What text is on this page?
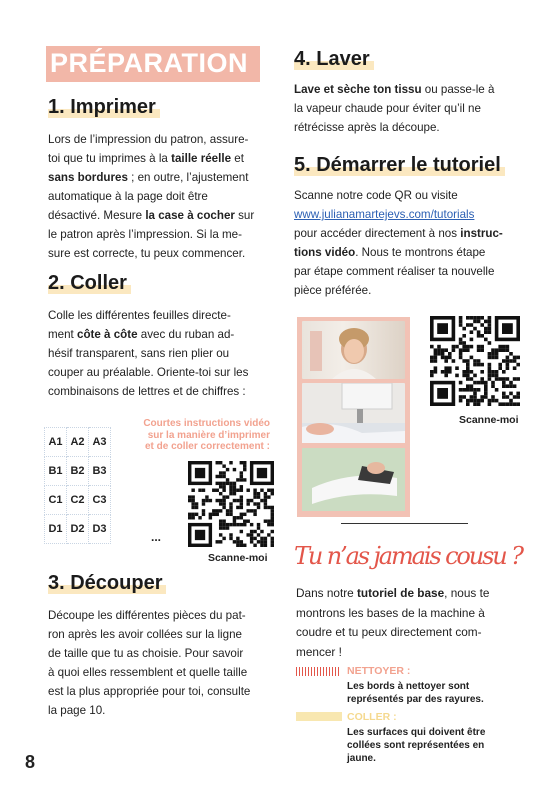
PRÉPARATION
1. Imprimer
Lors de l’impression du patron, assure-
toi que tu imprimes à la taille réelle et
sans bordures ; en outre, l’ajustement
automatique à la page doit être
désactivé. Mesure la case à cocher sur
le patron après l’impression. Si la me-
sure est correcte, tu peux commencer.
2. Coller
Colle les différentes feuilles directe-
ment côte à côte avec du ruban ad-
hésif transparent, sans rien plier ou
couper au préalable. Oriente-toi sur les
combinaisons de lettres et de chiffres :
A1	A2	A3
B1	B2	B3
C1	C2	C3
D1	D2	D3
...
Courtes instructions vidéo
sur la manière d’imprimer
et de coller correctement :
Scanne-moi
3. Découper
Découpe les différentes pièces du pat-
ron après les avoir collées sur la ligne
de taille que tu as choisie. Pour savoir
à quoi elles ressemblent et quelle taille
est la plus appropriée pour toi, consulte
la page 10.
8
4. Laver
Lave et sèche ton tissu ou passe-le à
la vapeur chaude pour éviter qu’il ne
rétrécisse après la découpe.
5. Démarrer le tutoriel
Scanne notre code QR ou visite
www.julianamartejevs.com/tutorials
pour accéder directement à nos instruc-
tions vidéo. Nous te montrons étape
par étape comment réaliser ta nouvelle
pièce préférée.
Scanne-moi
Tu n’as jamais cousu ?
Dans notre tutoriel de base, nous te
montrons les bases de la machine à
coudre et tu peux directement com-
mencer !
NETTOYER :
Les bords à nettoyer sont
représentés par des rayures.
COLLER :
Les surfaces qui doivent être
collées sont représentées en
jaune.
